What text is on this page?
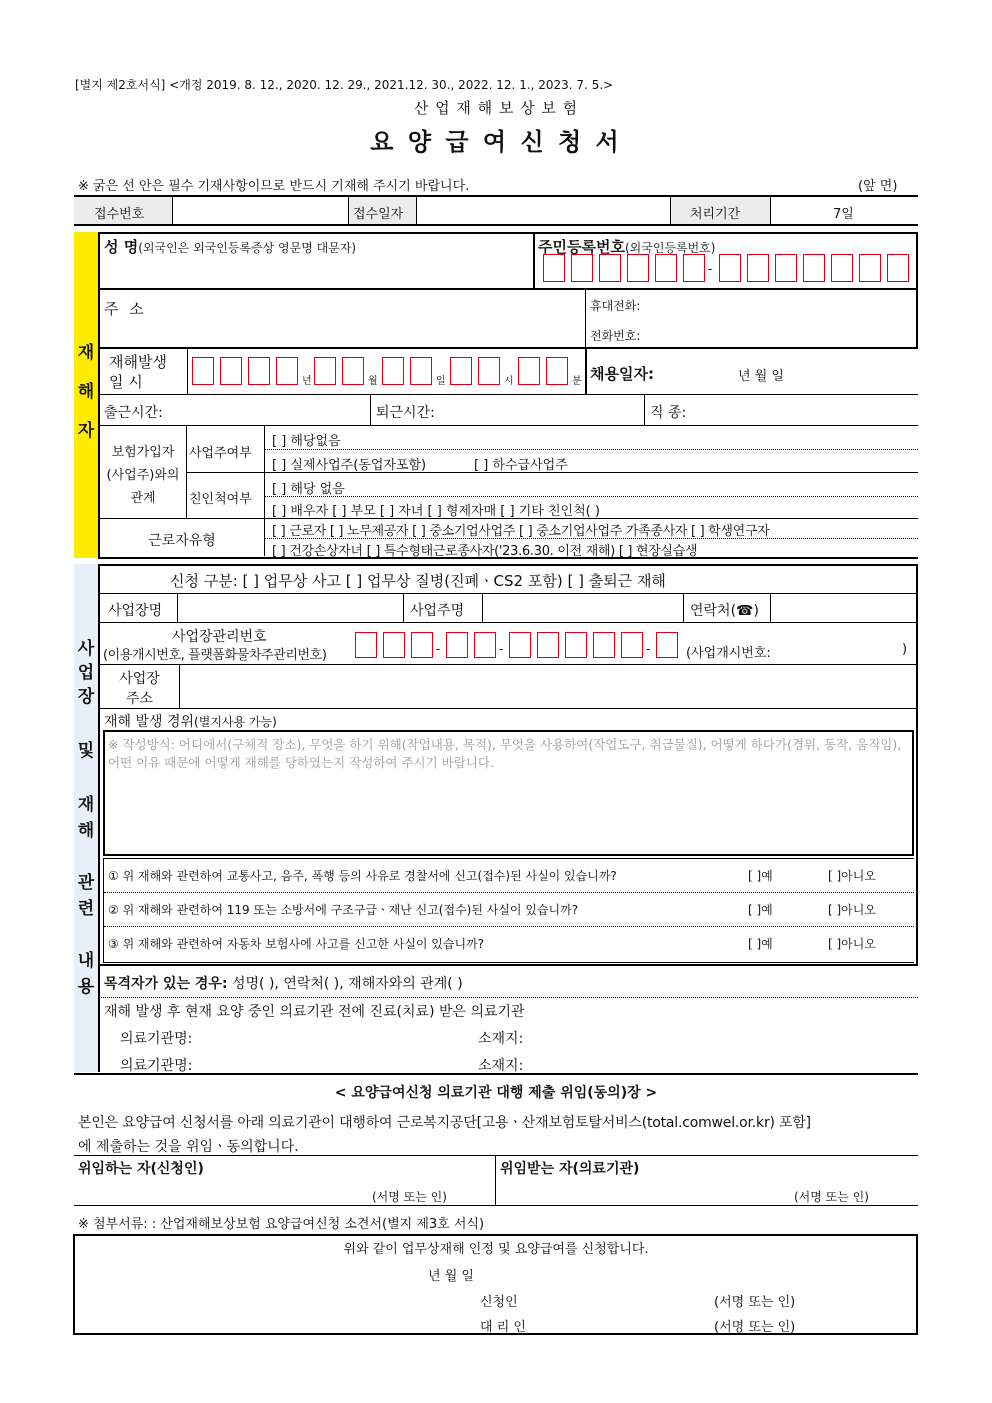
[별지 제2호서식] <개정 2019. 8. 12., 2020. 12. 29., 2021.12. 30., 2022. 12. 1., 2023. 7. 5.>
산 업 재 해 보 상 보 험
요 양 급 여 신 청 서
※ 굵은 선 안은 필수 기재사항이므로 반드시 기재해 주시기 바랍니다.	(앞 면)
접수번호	접수일자	처리기간	7일
재

해

자
성 명(외국인은 외국인등록증상 영문명 대문자)	주민등록번호(외국인등록번호)
-
주 소	휴대전화:
전화번호:
재해발생
일 시	년	월	일	시	분 채용일자:	년 월 일
출근시간:	퇴근시간:	직 종:
보험가입자
(사업주)와의
관계
사업주여부
[ ] 해당없음
[ ] 실제사업주(동업자포함)	[ ] 하수급사업주
친인척여부
[ ] 해당 없음
[ ] 배우자 [ ] 부모 [ ] 자녀 [ ] 형제자매 [ ] 기타 친인척( )
근로자유형
[ ] 근로자 [ ] 노무제공자 [ ] 중소기업사업주 [ ] 중소기업사업주 가족종사자 [ ] 학생연구자
[ ] 건강손상자녀 [ ] 특수형태근로종사자('23.6.30. 이전 재해) [ ] 현장실습생
사
업
장
및
재
해
관
련
내
용
신청 구분: [ ] 업무상 사고 [ ] 업무상 질병(진폐ㆍCS2 포함) [ ] 출퇴근 재해
사업장명	사업주명	연락처(☎)
사업장관리번호
(이용개시번호, 플랫폼화물차주관리번호)	-	-	-	(사업개시번호:	)
사업장
주소
재해 발생 경위(별지사용 가능)
※ 작성방식: 어디에서(구체적 장소), 무엇을 하기 위해(작업내용, 목적), 무엇을 사용하여(작업도구, 취급물질), 어떻게 하다가(경위, 동작, 움직임), 어떤 이유 때문에 어떻게 재해를 당하였는지 작성하여 주시기 바랍니다.
① 위 재해와 관련하여 교통사고, 음주, 폭행 등의 사유로 경찰서에 신고(접수)된 사실이 있습니까?	[ ]예	[ ]아니오
② 위 재해와 관련하여 119 또는 소방서에 구조구급ㆍ재난 신고(접수)된 사실이 있습니까?	[ ]예	[ ]아니오
③ 위 재해와 관련하여 자동차 보험사에 사고를 신고한 사실이 있습니까?	[ ]예	[ ]아니오
목격자가 있는 경우: 성명( ), 연락처( ), 재해자와의 관계( )
재해 발생 후 현재 요양 중인 의료기관 전에 진료(치료) 받은 의료기관
의료기관명:	소재지:
의료기관명:	소재지:
< 요양급여신청 의료기관 대행 제출 위임(동의)장 >
본인은 요양급여 신청서를 아래 의료기관이 대행하여 근로복지공단[고용ㆍ산재보험토탈서비스(total.comwel.or.kr) 포함]
에 제출하는 것을 위임ㆍ동의합니다.
위임하는 자(신청인)
(서명 또는 인)
위임받는 자(의료기관)
(서명 또는 인)
※ 첨부서류: : 산업재해보상보험 요양급여신청 소견서(별지 제3호 서식)
위와 같이 업무상재해 인정 및 요양급여를 신청합니다.
년 월 일
신청인	(서명 또는 인)
대 리 인	(서명 또는 인)
